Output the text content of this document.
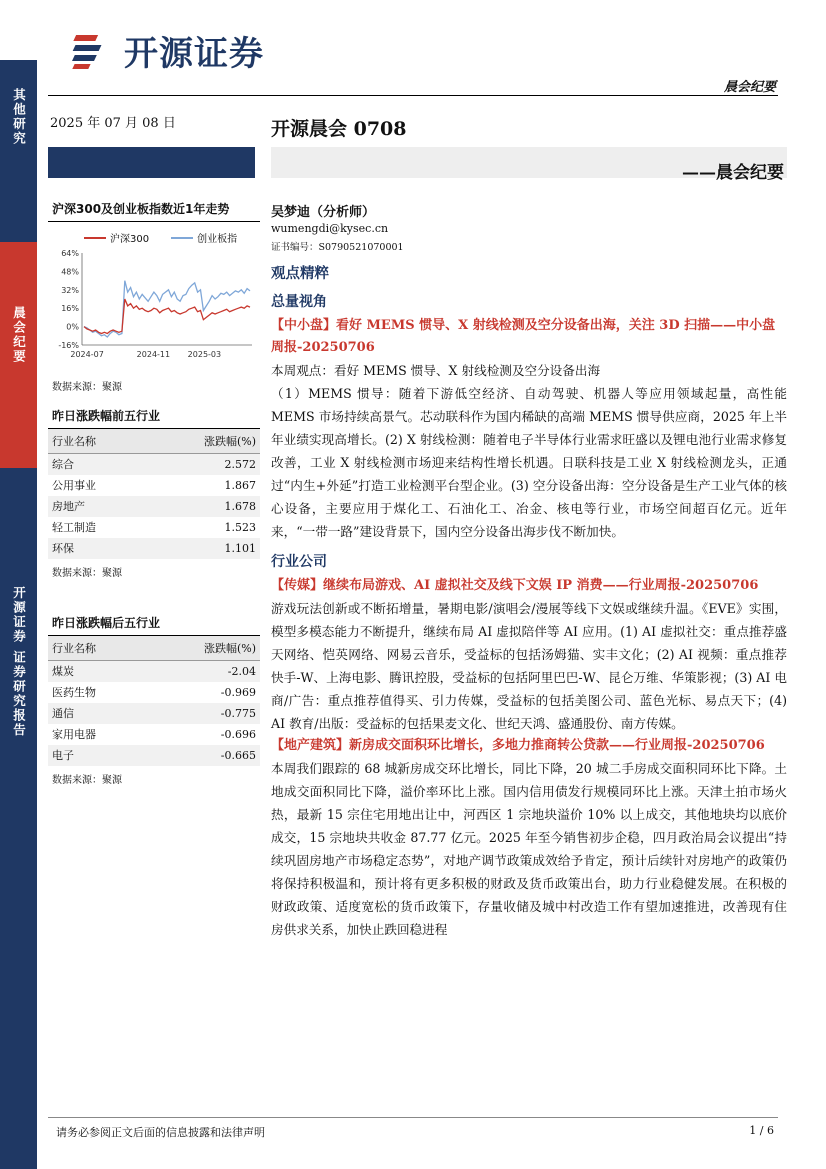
其他研究
晨会纪要
开源证券 证券研究报告
开源证券
晨会纪要
2025 年 07 月 08 日	开源晨会 0708
——晨会纪要
沪深300及创业板指数近1年走势
沪深300	创业板指
64%
48%
32%
16%
0%
-16%
2024-07	2024-11 2025-03
数据来源：聚源
昨日涨跌幅前五行业
行业名称	涨跌幅(%)
综合	2.572
公用事业	1.867
房地产	1.678
轻工制造	1.523
环保	1.101
数据来源：聚源
昨日涨跌幅后五行业
行业名称	涨跌幅(%)
煤炭	-2.04
医药生物	-0.969
通信	-0.775
家用电器	-0.696
电子	-0.665
数据来源：聚源
吴梦迪（分析师）
wumengdi@kysec.cn
证书编号：S0790521070001
观点精粹
总量视角
【中小盘】看好 MEMS 惯导、X 射线检测及空分设备出海，关注 3D 扫描——中小盘周报-20250706
本周观点：看好 MEMS 惯导、X 射线检测及空分设备出海
（1）MEMS 惯导：随着下游低空经济、自动驾驶、机器人等应用领域起量，高性能 MEMS 市场持续高景气。芯动联科作为国内稀缺的高端 MEMS 惯导供应商，2025 年上半年业绩实现高增长。(2) X 射线检测：随着电子半导体行业需求旺盛以及锂电池行业需求修复改善，工业 X 射线检测市场迎来结构性增长机遇。日联科技是工业 X 射线检测龙头，正通过“内生+外延”打造工业检测平台型企业。(3) 空分设备出海：空分设备是生产工业气体的核心设备，主要应用于煤化工、石油化工、冶金、核电等行业，市场空间超百亿元。近年来，“一带一路”建设背景下，国内空分设备出海步伐不断加快。
行业公司
【传媒】继续布局游戏、AI 虚拟社交及线下文娱 IP 消费——行业周报-20250706
游戏玩法创新或不断拓增量，暑期电影/演唱会/漫展等线下文娱或继续升温。《EVE》实围，模型多模态能力不断提升，继续布局 AI 虚拟陪伴等 AI 应用。(1) AI 虚拟社交：重点推荐盛天网络、恺英网络、网易云音乐，受益标的包括汤姆猫、实丰文化；(2) AI 视频：重点推荐快手-W、上海电影、腾讯控股，受益标的包括阿里巴巴-W、昆仑万维、华策影视；(3) AI 电商/广告：重点推荐值得买、引力传媒，受益标的包括美图公司、蓝色光标、易点天下；(4) AI 教育/出版：受益标的包括果麦文化、世纪天鸿、盛通股份、南方传媒。
【地产建筑】新房成交面积环比增长，多地力推商转公贷款——行业周报-20250706
本周我们跟踪的 68 城新房成交环比增长，同比下降，20 城二手房成交面积同环比下降。土地成交面积同比下降，溢价率环比上涨。国内信用债发行规模同环比上涨。天津土拍市场火热，最新 15 宗住宅用地出让中，河西区 1 宗地块溢价 10% 以上成交，其他地块均以底价成交，15 宗地块共收金 87.77 亿元。2025 年至今销售初步企稳，四月政治局会议提出“持续巩固房地产市场稳定态势”，对地产调节政策成效给予肯定，预计后续针对房地产的政策仍将保持积极温和，预计将有更多积极的财政及货币政策出台，助力行业稳健发展。在积极的财政政策、适度宽松的货币政策下，存量收储及城中村改造工作有望加速推进，改善现有住房供求关系，加快止跌回稳进程
请务必参阅正文后面的信息披露和法律声明	1 / 6
